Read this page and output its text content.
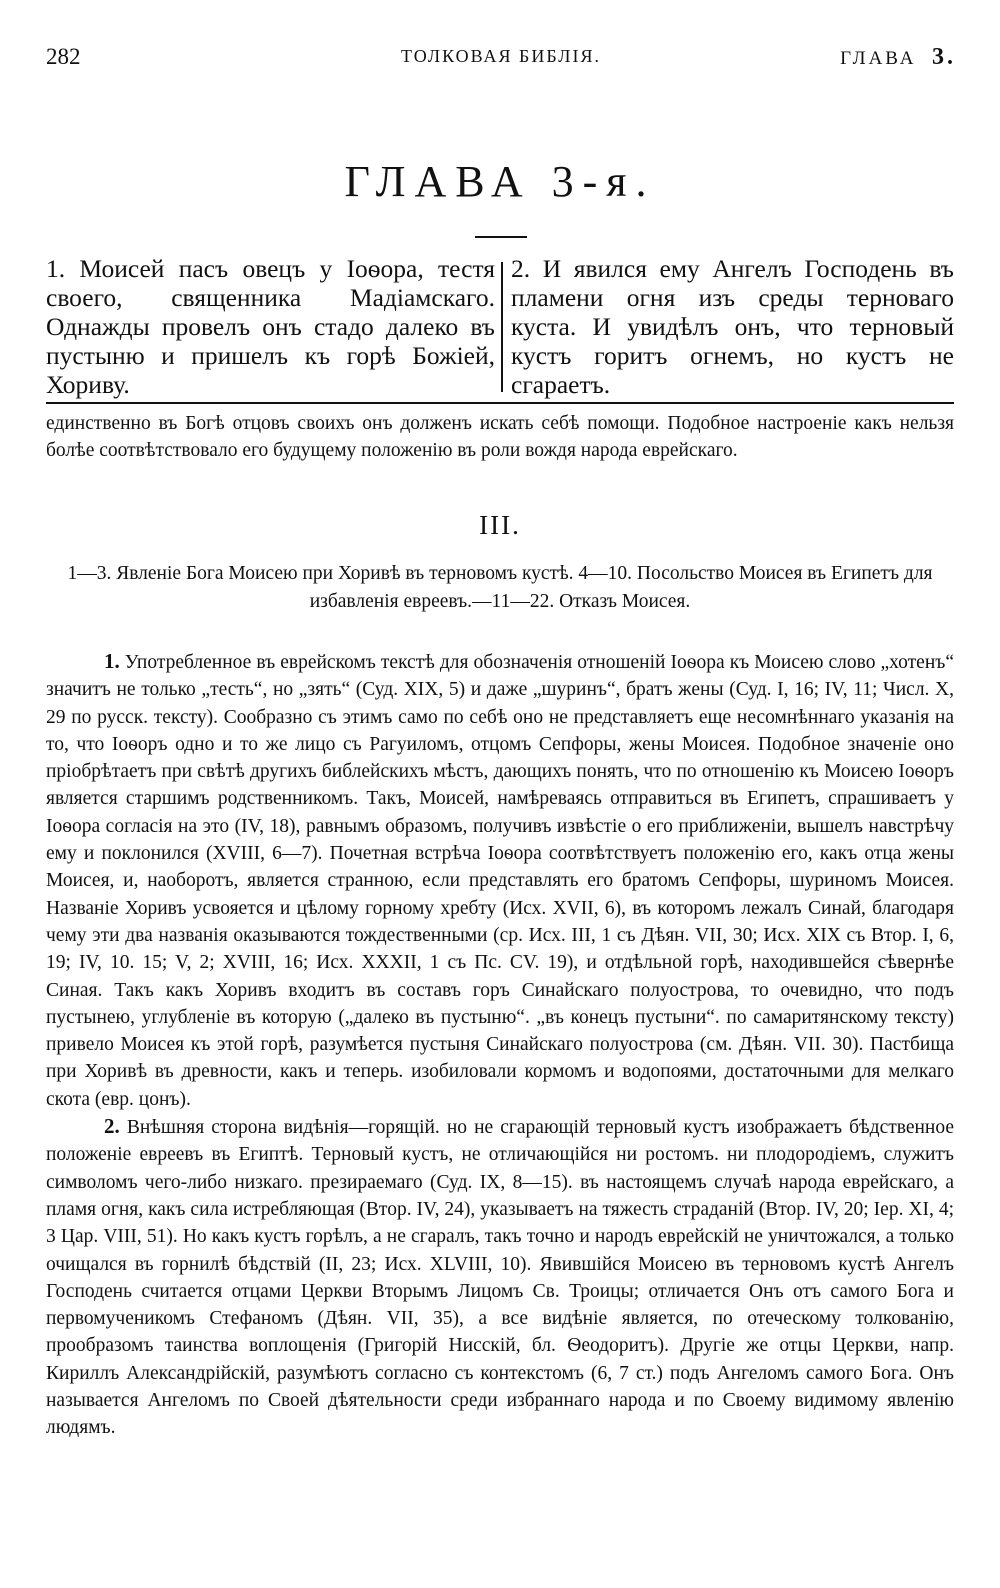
282	ТОЛКОВАЯ БИБЛІЯ.	ГЛАВА 3.
ГЛАВА 3-я.
1. Моисей пасъ овецъ у Іоѳора, тестя своего, священника Мадіамскаго. Однажды провелъ онъ стадо далеко въ пустыню и пришелъ къ горѣ Божіей, Хориву.
2. И явился ему Ангелъ Господень въ пламени огня изъ среды терноваго куста. И увидѣлъ онъ, что терновый кустъ горитъ огнемъ, но кустъ не сгараетъ.

единственно въ Богѣ отцовъ своихъ онъ долженъ искать себѣ помощи. Подобное настроеніе какъ нельзя болѣе соотвѣтствовало его будущему положенію въ роли вождя народа еврейскаго.

III.
1—3. Явленіе Бога Моисею при Хоривѣ въ терновомъ кустѣ. 4—10. Посольство Моисея въ Египетъ для избавленія евреевъ.—11—22. Отказъ Моисея.

1. Употребленное въ еврейскомъ текстѣ для обозначенія отношеній Іоѳора къ Моисею слово „хотенъ“ значитъ не только „тесть“, но „зять“ (Суд. XIX, 5) и даже „шуринъ“, братъ жены (Суд. I, 16; IV, 11; Числ. X, 29 по русск. тексту). Сообразно съ этимъ само по себѣ оно не представляетъ еще несомнѣннаго указанія на то, что Іоѳоръ одно и то же лицо съ Рагуиломъ, отцомъ Сепфоры, жены Моисея. Подобное значеніе оно пріобрѣтаетъ при свѣтѣ другихъ библейскихъ мѣстъ, дающихъ понять, что по отношенію къ Моисею Іоѳоръ является старшимъ родственникомъ. Такъ, Моисей, намѣреваясь отправиться въ Египетъ, спрашиваетъ у Іоѳора согласія на это (IV, 18), равнымъ образомъ, получивъ извѣстіе о его приближеніи, вышелъ навстрѣчу ему и поклонился (XVIII, 6—7). Почетная встрѣча Іоѳора соотвѣтствуетъ положенію его, какъ отца жены Моисея, и, наоборотъ, является странною, если представлять его братомъ Сепфоры, шуриномъ Моисея. Названіе Хоривъ усвояется и цѣлому горному хребту (Исх. XVII, 6), въ которомъ лежалъ Синай, благодаря чему эти два названія оказываются тождественными (ср. Исх. III, 1 съ Дѣян. VII, 30; Исх. XIX съ Втор. I, 6, 19; IV, 10. 15; V, 2; XVIII, 16; Исх. XXXII, 1 съ Пс. CV. 19), и отдѣльной горѣ, находившейся сѣвернѣе Синая. Такъ какъ Хоривъ входитъ въ составъ горъ Синайскаго полуострова, то очевидно, что подъ пустынею, углубленіе въ которую („далеко въ пустыню“. „въ конецъ пустыни“. по самаритянскому тексту) привело Моисея къ этой горѣ, разумѣется пустыня Синайскаго полуострова (см. Дѣян. VII. 30). Пастбища при Хоривѣ въ древности, какъ и теперь. изобиловали кормомъ и водопоями, достаточными для мелкаго скота (евр. цонъ).

2. Внѣшняя сторона видѣнія—горящій. но не сгарающій терновый кустъ изображаетъ бѣдственное положеніе евреевъ въ Египтѣ. Терновый кустъ, не отличающійся ни ростомъ. ни плодородіемъ, служитъ символомъ чего-либо низкаго. презираемаго (Суд. IX, 8—15). въ настоящемъ случаѣ народа еврейскаго, а пламя огня, какъ сила истребляющая (Втор. IV, 24), указываетъ на тяжесть страданій (Втор. IV, 20; Іер. XI, 4; 3 Цар. VIII, 51). Но какъ кустъ горѣлъ, а не сгаралъ, такъ точно и народъ еврейскій не уничтожался, а только очищался въ горнилѣ бѣдствій (II, 23; Исх. XLVIII, 10). Явившійся Моисею въ терновомъ кустѣ Ангелъ Господень считается отцами Церкви Вторымъ Лицомъ Св. Троицы; отличается Онъ отъ самого Бога и первомученикомъ Стефаномъ (Дѣян. VII, 35), а все видѣніе является, по отеческому толкованію, прообразомъ таинства воплощенія (Григорій Нисскій, бл. Ѳеодоритъ). Другіе же отцы Церкви, напр. Кириллъ Александрійскій, разумѣютъ согласно съ контекстомъ (6, 7 ст.) подъ Ангеломъ самого Бога. Онъ называется Ангеломъ по Своей дѣятельности среди избраннаго народа и по Своему видимому явленію людямъ.
